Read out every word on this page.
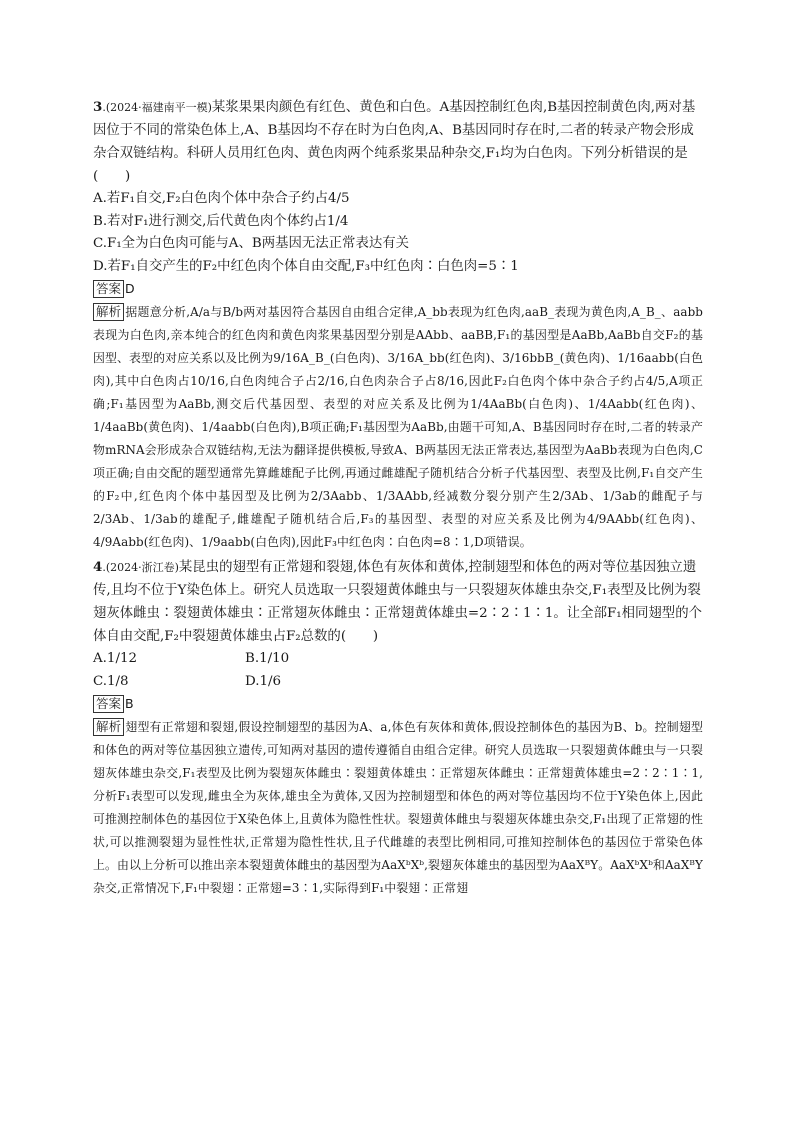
3.(2024·福建南平一模)某浆果果肉颜色有红色、黄色和白色。A基因控制红色肉,B基因控制黄色肉,两对基因位于不同的常染色体上,A、B基因均不存在时为白色肉,A、B基因同时存在时,二者的转录产物会形成杂合双链结构。科研人员用红色肉、黄色肉两个纯系浆果品种杂交,F₁均为白色肉。下列分析错误的是(　　)

A.若F₁自交,F₂白色肉个体中杂合子约占4/5

B.若对F₁进行测交,后代黄色肉个体约占1/4

C.F₁全为白色肉可能与A、B两基因无法正常表达有关

D.若F₁自交产生的F₂中红色肉个体自由交配,F₃中红色肉∶白色肉=5∶1

答案 D

解析 据题意分析,A/a与B/b两对基因符合基因自由组合定律,A_bb表现为红色肉,aaB_表现为黄色肉,A_B_、aabb表现为白色肉,亲本纯合的红色肉和黄色肉浆果基因型分别是AAbb、aaBB,F₁的基因型是AaBb,AaBb自交F₂的基因型、表型的对应关系以及比例为9/16A_B_(白色肉)、3/16A_bb(红色肉)、3/16bbB_(黄色肉)、1/16aabb(白色肉),其中白色肉占10/16,白色肉纯合子占2/16,白色肉杂合子占8/16,因此F₂白色肉个体中杂合子约占4/5,A项正确;F₁基因型为AaBb,测交后代基因型、表型的对应关系及比例为1/4AaBb(白色肉)、1/4Aabb(红色肉)、1/4aaBb(黄色肉)、1/4aabb(白色肉),B项正确;F₁基因型为AaBb,由题干可知,A、B基因同时存在时,二者的转录产物mRNA会形成杂合双链结构,无法为翻译提供模板,导致A、B两基因无法正常表达,基因型为AaBb表现为白色肉,C项正确;自由交配的题型通常先算雌雄配子比例,再通过雌雄配子随机结合分析子代基因型、表型及比例,F₁自交产生的F₂中,红色肉个体中基因型及比例为2/3Aabb、1/3AAbb,经减数分裂分别产生2/3Ab、1/3ab的雌配子与2/3Ab、1/3ab的雄配子,雌雄配子随机结合后,F₃的基因型、表型的对应关系及比例为4/9AAbb(红色肉)、4/9Aabb(红色肉)、1/9aabb(白色肉),因此F₃中红色肉∶白色肉=8∶1,D项错误。

4.(2024·浙江卷)某昆虫的翅型有正常翅和裂翅,体色有灰体和黄体,控制翅型和体色的两对等位基因独立遗传,且均不位于Y染色体上。研究人员选取一只裂翅黄体雌虫与一只裂翅灰体雄虫杂交,F₁表型及比例为裂翅灰体雌虫∶裂翅黄体雄虫∶正常翅灰体雌虫∶正常翅黄体雄虫=2∶2∶1∶1。让全部F₁相同翅型的个体自由交配,F₂中裂翅黄体雄虫占F₂总数的(　　)

A.1/12	B.1/10
C.1/8	D.1/6

答案 B

解析 翅型有正常翅和裂翅,假设控制翅型的基因为A、a,体色有灰体和黄体,假设控制体色的基因为B、b。控制翅型和体色的两对等位基因独立遗传,可知两对基因的遗传遵循自由组合定律。研究人员选取一只裂翅黄体雌虫与一只裂翅灰体雄虫杂交,F₁表型及比例为裂翅灰体雌虫∶裂翅黄体雄虫∶正常翅灰体雌虫∶正常翅黄体雄虫=2∶2∶1∶1,分析F₁表型可以发现,雌虫全为灰体,雄虫全为黄体,又因为控制翅型和体色的两对等位基因均不位于Y染色体上,因此可推测控制体色的基因位于X染色体上,且黄体为隐性性状。裂翅黄体雌虫与裂翅灰体雄虫杂交,F₁出现了正常翅的性状,可以推测裂翅为显性性状,正常翅为隐性性状,且子代雌雄的表型比例相同,可推知控制体色的基因位于常染色体上。由以上分析可以推出亲本裂翅黄体雌虫的基因型为AaXᵇXᵇ,裂翅灰体雄虫的基因型为AaXᴮY。AaXᵇXᵇ和AaXᴮY杂交,正常情况下,F₁中裂翅∶正常翅=3∶1,实际得到F₁中裂翅∶正常翅
